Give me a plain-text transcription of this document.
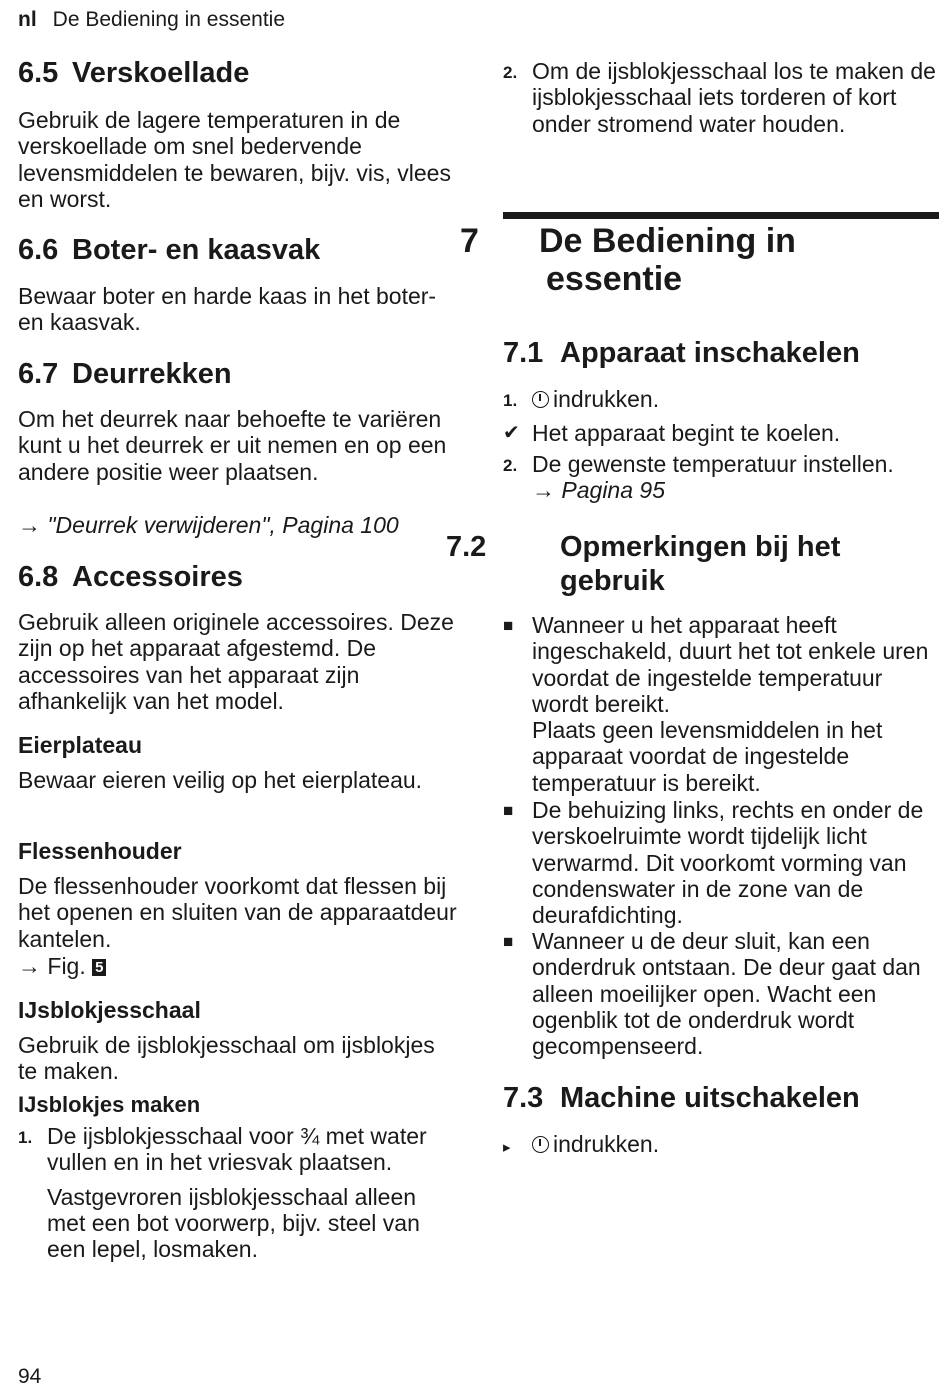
nl De Bediening in essentie
6.5 Verskoellade

Gebruik de lagere temperaturen in de verskoellade om snel bedervende levensmiddelen te bewaren, bijv. vis, vlees en worst.

6.6 Boter- en kaasvak

Bewaar boter en harde kaas in het boter- en kaasvak.

6.7 Deurrekken

Om het deurrek naar behoefte te variëren kunt u het deurrek er uit nemen en op een andere positie weer plaatsen.

→ "Deurrek verwijderen", Pagina 100

6.8 Accessoires

Gebruik alleen originele accessoires. Deze zijn op het apparaat afgestemd. De accessoires van het apparaat zijn afhankelijk van het model.

Eierplateau

Bewaar eieren veilig op het eierplateau.

Flessenhouder

De flessenhouder voorkomt dat flessen bij het openen en sluiten van de apparaatdeur kantelen.

→ Fig. 5

IJsblokjesschaal

Gebruik de ijsblokjesschaal om ijsblokjes te maken.

IJsblokjes maken
1. De ijsblokjesschaal voor ¾ met water vullen en in het vriesvak plaatsen.
Vastgevroren ijsblokjesschaal alleen met een bot voorwerp, bijv. steel van een lepel, losmaken.
2. Om de ijsblokjesschaal los te maken de ijsblokjesschaal iets torderen of kort onder stromend water houden.
7 De Bediening in essentie
7.1 Apparaat inschakelen
1.	indrukken.
✔ Het apparaat begint te koelen.
2. De gewenste temperatuur instellen.
→ Pagina 95
7.2	Opmerkingen bij het gebruik
■ Wanneer u het apparaat heeft ingeschakeld, duurt het tot enkele uren voordat de ingestelde temperatuur wordt bereikt.
Plaats geen levensmiddelen in het apparaat voordat de ingestelde temperatuur is bereikt.
■ De behuizing links, rechts en onder de verskoelruimte wordt tijdelijk licht verwarmd. Dit voorkomt vorming van condenswater in de zone van de deurafdichting.
■ Wanneer u de deur sluit, kan een onderdruk ontstaan. De deur gaat dan alleen moeilijker open. Wacht een ogenblik tot de onderdruk wordt gecompenseerd.
7.3 Machine uitschakelen
▸	indrukken.
94
